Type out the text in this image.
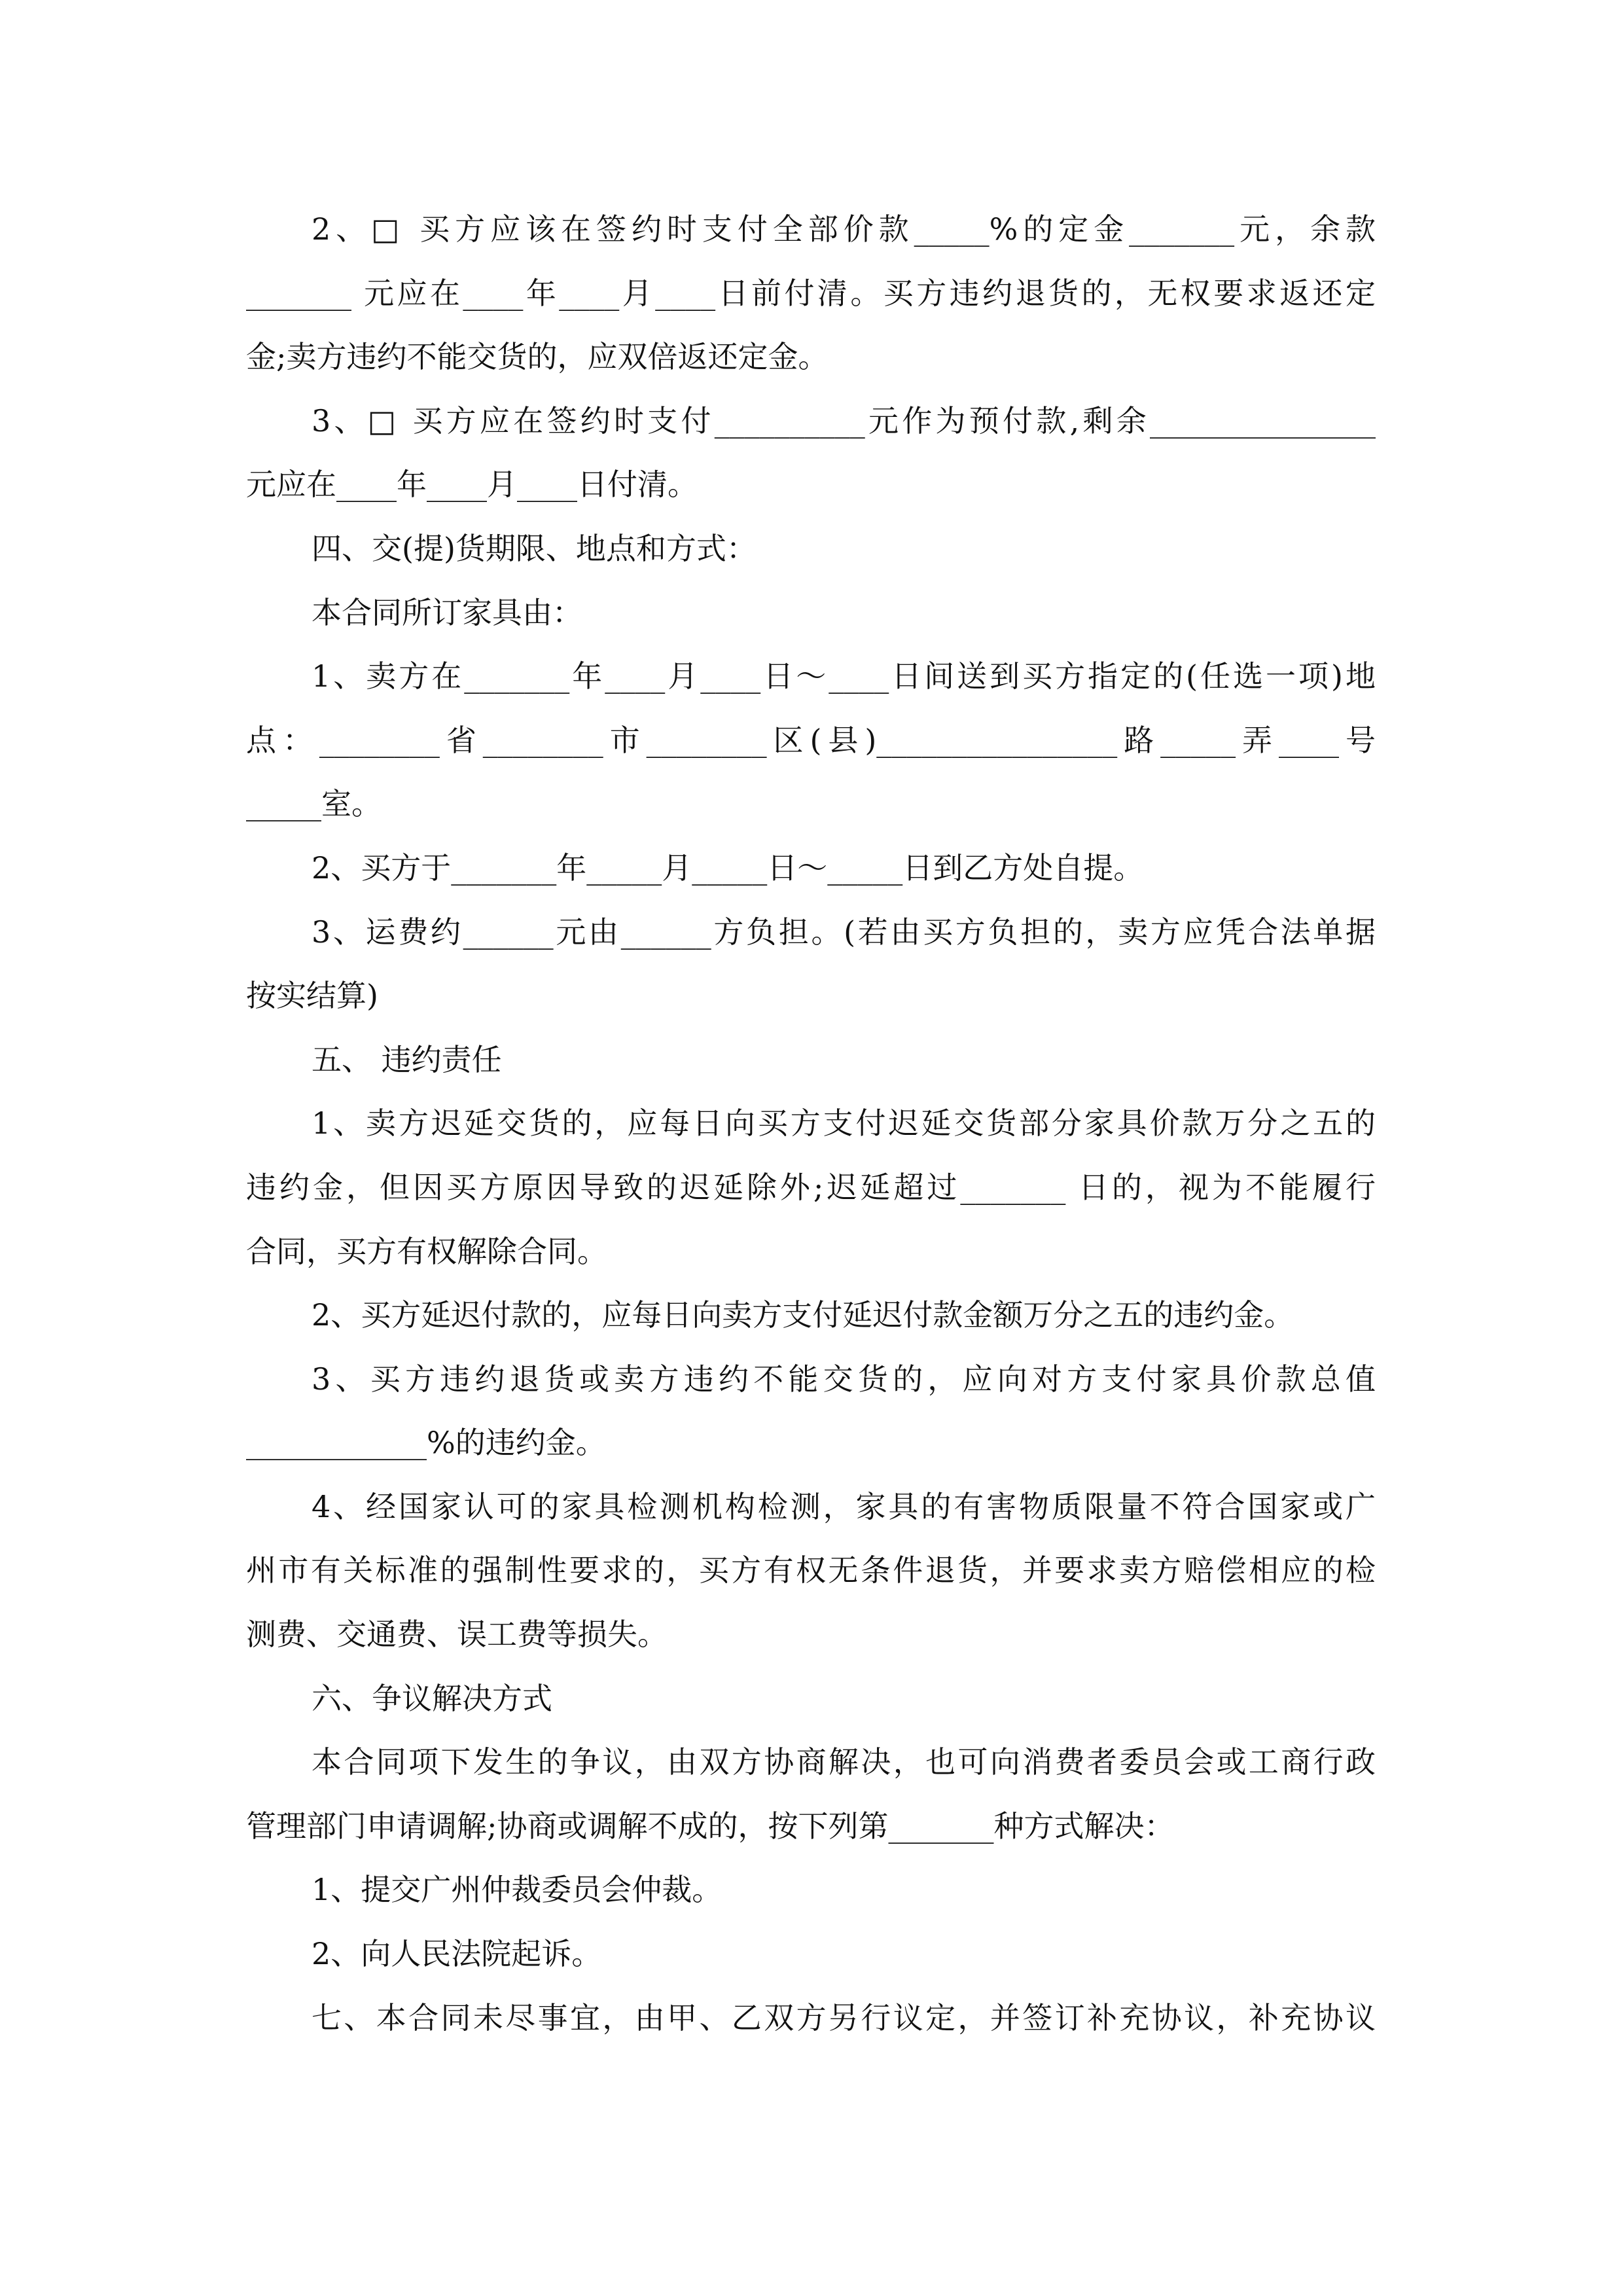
2、□ 买方应该在签约时支付全部价款_____%的定金_______元，余款
_______ 元应在____年____月____日前付清。买方违约退货的，无权要求返还定
金;卖方违约不能交货的，应双倍返还定金。
3、□ 买方应在签约时支付__________元作为预付款,剩余_______________
元应在____年____月____日付清。
四、交(提)货期限、地点和方式：
本合同所订家具由：
1、卖方在_______年____月____日～____日间送到买方指定的(任选一项)地
点：________省________市________区(县)________________路_____弄____号
_____室。
2、买方于_______年_____月_____日～_____日到乙方处自提。
3、运费约______元由______方负担。(若由买方负担的，卖方应凭合法单据
按实结算)
五、 违约责任
1、卖方迟延交货的，应每日向买方支付迟延交货部分家具价款万分之五的
违约金，但因买方原因导致的迟延除外;迟延超过_______ 日的，视为不能履行
合同，买方有权解除合同。
2、买方延迟付款的，应每日向卖方支付延迟付款金额万分之五的违约金。
3、买方违约退货或卖方违约不能交货的，应向对方支付家具价款总值
____________%的违约金。
4、经国家认可的家具检测机构检测，家具的有害物质限量不符合国家或广
州市有关标准的强制性要求的，买方有权无条件退货，并要求卖方赔偿相应的检
测费、交通费、误工费等损失。
六、争议解决方式
本合同项下发生的争议，由双方协商解决，也可向消费者委员会或工商行政
管理部门申请调解;协商或调解不成的，按下列第_______种方式解决：
1、提交广州仲裁委员会仲裁。
2、向人民法院起诉。
七、本合同未尽事宜，由甲、乙双方另行议定，并签订补充协议，补充协议
